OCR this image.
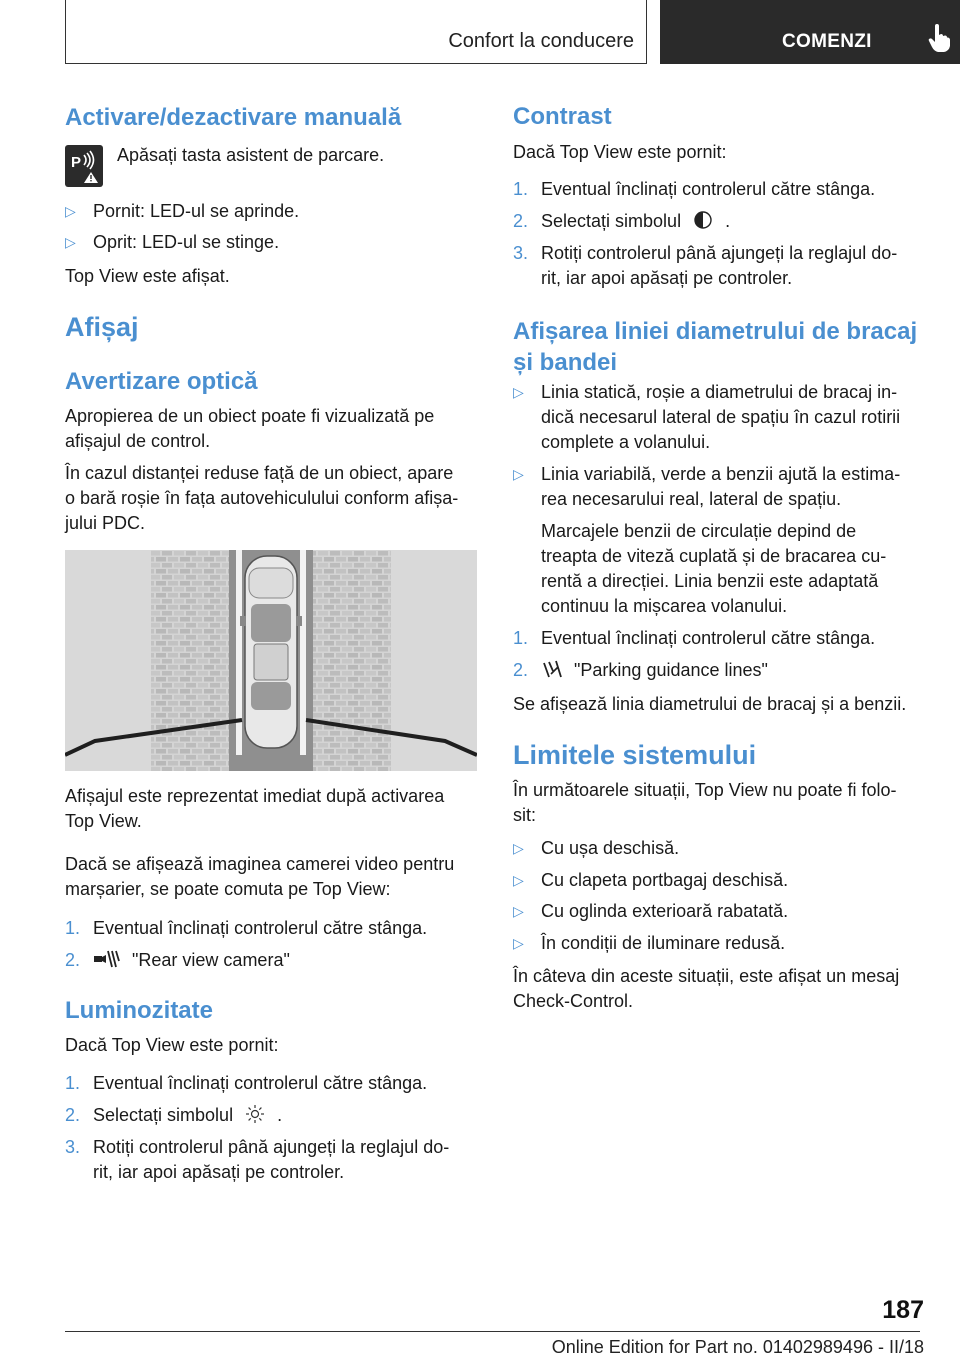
Confort la conducere	COMENZI

Activare/dezactivare manuală

P Apăsați tasta asistent de parcare.

▷ Pornit: LED-ul se aprinde.
▷ Oprit: LED-ul se stinge.

Top View este afișat.

Afișaj

Avertizare optică

Apropierea de un obiect poate fi vizualizată pe

afișajul de control.

În cazul distanței reduse față de un obiect, apare

o bară roșie în fața autovehiculului conform afișa-

jului PDC.

Afișajul este reprezentat imediat după activarea

Top View.

Dacă se afișează imaginea camerei video pentru

marșarier, se poate comuta pe Top View:

1. Eventual înclinați controlerul către stânga.
2.	"Rear view camera"

Luminozitate

Dacă Top View este pornit:

1. Eventual înclinați controlerul către stânga.
2. Selectați simbolul .
3. Rotiți controlerul până ajungeți la reglajul do-
rit, iar apoi apăsați pe controler.

Contrast

Dacă Top View este pornit:

1. Eventual înclinați controlerul către stânga.
2. Selectați simbolul .
3. Rotiți controlerul până ajungeți la reglajul do-
rit, iar apoi apăsați pe controler.

Afișarea liniei diametrului de bracaj

și bandei

▷ Linia statică, roșie a diametrului de bracaj in-
dică necesarul lateral de spațiu în cazul rotirii
complete a volanului.
▷ Linia variabilă, verde a benzii ajută la estima-
rea necesarului real, lateral de spațiu.

Marcajele benzii de circulație depind de

treapta de viteză cuplată și de bracarea cu-

rentă a direcției. Linia benzii este adaptată

continuu la mișcarea volanului.

1. Eventual înclinați controlerul către stânga.
2.	"Parking guidance lines"

Se afișează linia diametrului de bracaj și a benzii.

Limitele sistemului

În următoarele situații, Top View nu poate fi folo-

sit:

▷ Cu ușa deschisă.
▷ Cu clapeta portbagaj deschisă.
▷ Cu oglinda exterioară rabatată.
▷ În condiții de iluminare redusă.

În câteva din aceste situații, este afișat un mesaj

Check-Control.

187
Online Edition for Part no. 01402989496 - II/18
